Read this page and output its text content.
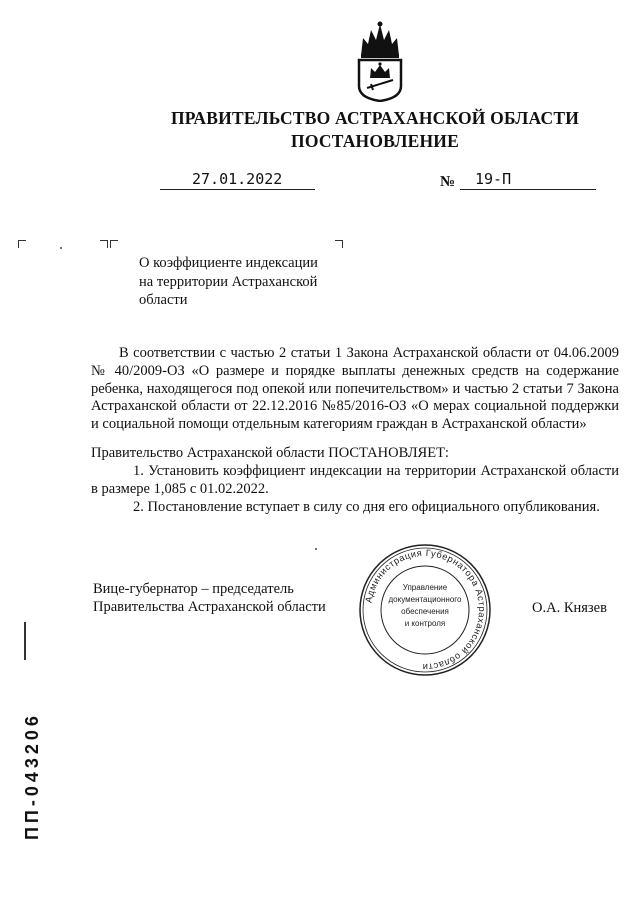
ПРАВИТЕЛЬСТВО АСТРАХАНСКОЙ ОБЛАСТИ
ПОСТАНОВЛЕНИЕ
27.01.2022	№ 19-П
О коэффициенте индексации
на территории Астраханской
области
В соответствии с частью 2 статьи 1 Закона Астраханской области от 04.06.2009 № 40/2009-ОЗ «О размере и порядке выплаты денежных средств на содержание ребенка, находящегося под опекой или попечительством» и частью 2 статьи 7 Закона Астраханской области от 22.12.2016 №85/2016-ОЗ «О мерах социальной поддержки и социальной помощи отдельным категориям граждан в Астраханской области»
Правительство Астраханской области ПОСТАНОВЛЯЕТ:
1. Установить коэффициент индексации на территории Астраханской области в размере 1,085 с 01.02.2022.
2. Постановление вступает в силу со дня его официального опубликования.
Вице-губернатор – председатель
Правительства Астраханской области	О.А. Князев
Администрация Губернатора Астраханской области
Управление
документационного
обеспечения
и контроля
ПП-043206
